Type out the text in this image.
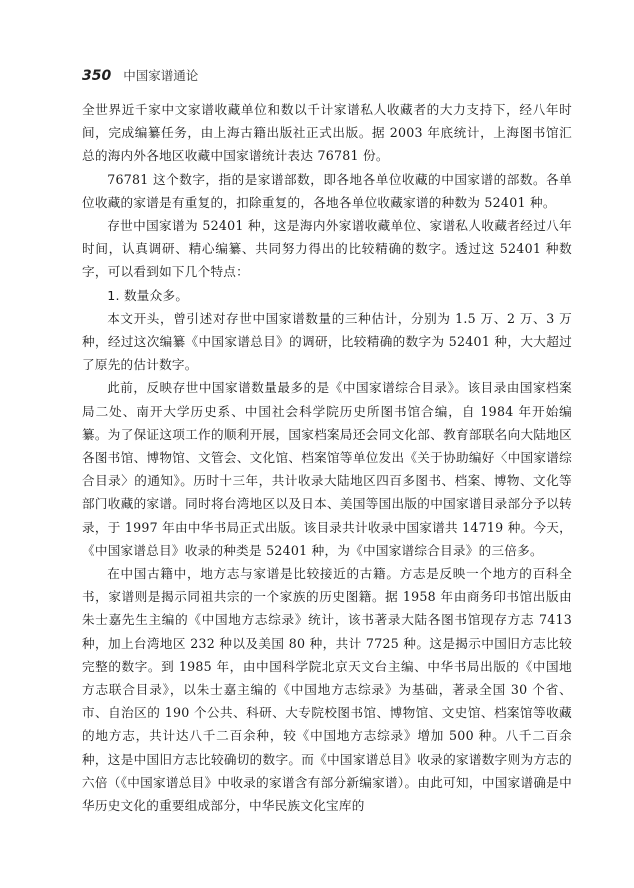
350 中国家谱通论

全世界近千家中文家谱收藏单位和数以千计家谱私人收藏者的大力支持下，经八年时间，完成编纂任务，由上海古籍出版社正式出版。据 2003 年底统计，上海图书馆汇总的海内外各地区收藏中国家谱统计表达 76781 份。

76781 这个数字，指的是家谱部数，即各地各单位收藏的中国家谱的部数。各单位收藏的家谱是有重复的，扣除重复的，各地各单位收藏家谱的种数为 52401 种。

存世中国家谱为 52401 种，这是海内外家谱收藏单位、家谱私人收藏者经过八年时间，认真调研、精心编纂、共同努力得出的比较精确的数字。透过这 52401 种数字，可以看到如下几个特点：

1. 数量众多。

本文开头，曾引述对存世中国家谱数量的三种估计，分别为 1.5 万、2 万、3 万种，经过这次编纂《中国家谱总目》的调研，比较精确的数字为 52401 种，大大超过了原先的估计数字。

此前，反映存世中国家谱数量最多的是《中国家谱综合目录》。该目录由国家档案局二处、南开大学历史系、中国社会科学院历史所图书馆合编，自 1984 年开始编纂。为了保证这项工作的顺利开展，国家档案局还会同文化部、教育部联名向大陆地区各图书馆、博物馆、文管会、文化馆、档案馆等单位发出《关于协助编好〈中国家谱综合目录〉的通知》。历时十三年，共计收录大陆地区四百多图书、档案、博物、文化等部门收藏的家谱。同时将台湾地区以及日本、美国等国出版的中国家谱目录部分予以转录，于 1997 年由中华书局正式出版。该目录共计收录中国家谱共 14719 种。今天，《中国家谱总目》收录的种类是 52401 种，为《中国家谱综合目录》的三倍多。

在中国古籍中，地方志与家谱是比较接近的古籍。方志是反映一个地方的百科全书，家谱则是揭示同祖共宗的一个家族的历史图籍。据 1958 年由商务印书馆出版由朱士嘉先生主编的《中国地方志综录》统计，该书著录大陆各图书馆现存方志 7413 种，加上台湾地区 232 种以及美国 80 种，共计 7725 种。这是揭示中国旧方志比较完整的数字。到 1985 年，由中国科学院北京天文台主编、中华书局出版的《中国地方志联合目录》，以朱士嘉主编的《中国地方志综录》为基础，著录全国 30 个省、市、自治区的 190 个公共、科研、大专院校图书馆、博物馆、文史馆、档案馆等收藏的地方志，共计达八千二百余种，较《中国地方志综录》增加 500 种。八千二百余种，这是中国旧方志比较确切的数字。而《中国家谱总目》收录的家谱数字则为方志的六倍（《中国家谱总目》中收录的家谱含有部分新编家谱）。由此可知，中国家谱确是中华历史文化的重要组成部分，中华民族文化宝库的
